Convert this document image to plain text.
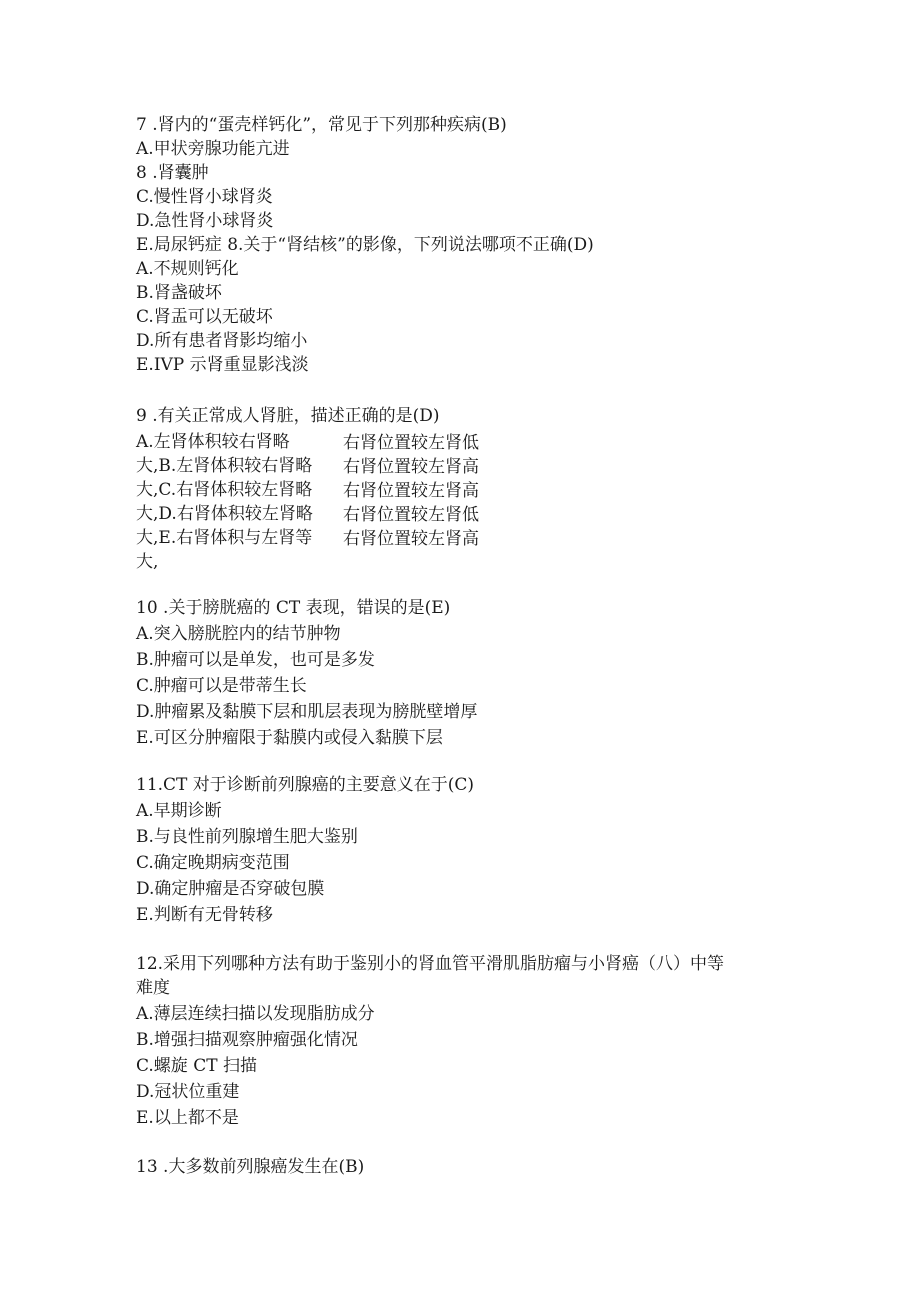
7 .肾内的“蛋壳样钙化”，常见于下列那种疾病(B)
A.甲状旁腺功能亢进
8 .肾囊肿
C.慢性肾小球肾炎
D.急性肾小球肾炎
E.局尿钙症 8.关于“肾结核”的影像，下列说法哪项不正确(D)
A.不规则钙化
B.肾盏破坏
C.肾盂可以无破坏
D.所有患者肾影均缩小
E.IVP 示肾重显影浅淡
9 .有关正常成人肾脏，描述正确的是(D)
A.左肾体积较右肾略
大,B.左肾体积较右肾略
大,C.右肾体积较左肾略
大,D.右肾体积较左肾略
大,E.右肾体积与左肾等
大,
右肾位置较左肾低
右肾位置较左肾高
右肾位置较左肾高
右肾位置较左肾低
右肾位置较左肾高
10 .关于膀胱癌的 CT 表现，错误的是(E)
A.突入膀胱腔内的结节肿物
B.肿瘤可以是单发，也可是多发
C.肿瘤可以是带蒂生长
D.肿瘤累及黏膜下层和肌层表现为膀胱壁增厚
E.可区分肿瘤限于黏膜内或侵入黏膜下层
11.CT 对于诊断前列腺癌的主要意义在于(C)
A.早期诊断
B.与良性前列腺增生肥大鉴别
C.确定晚期病变范围
D.确定肿瘤是否穿破包膜
E.判断有无骨转移
12.采用下列哪种方法有助于鉴别小的肾血管平滑肌脂肪瘤与小肾癌（八）中等
难度
A.薄层连续扫描以发现脂肪成分
B.增强扫描观察肿瘤强化情况
C.螺旋 CT 扫描
D.冠状位重建
E.以上都不是
13 .大多数前列腺癌发生在(B)
